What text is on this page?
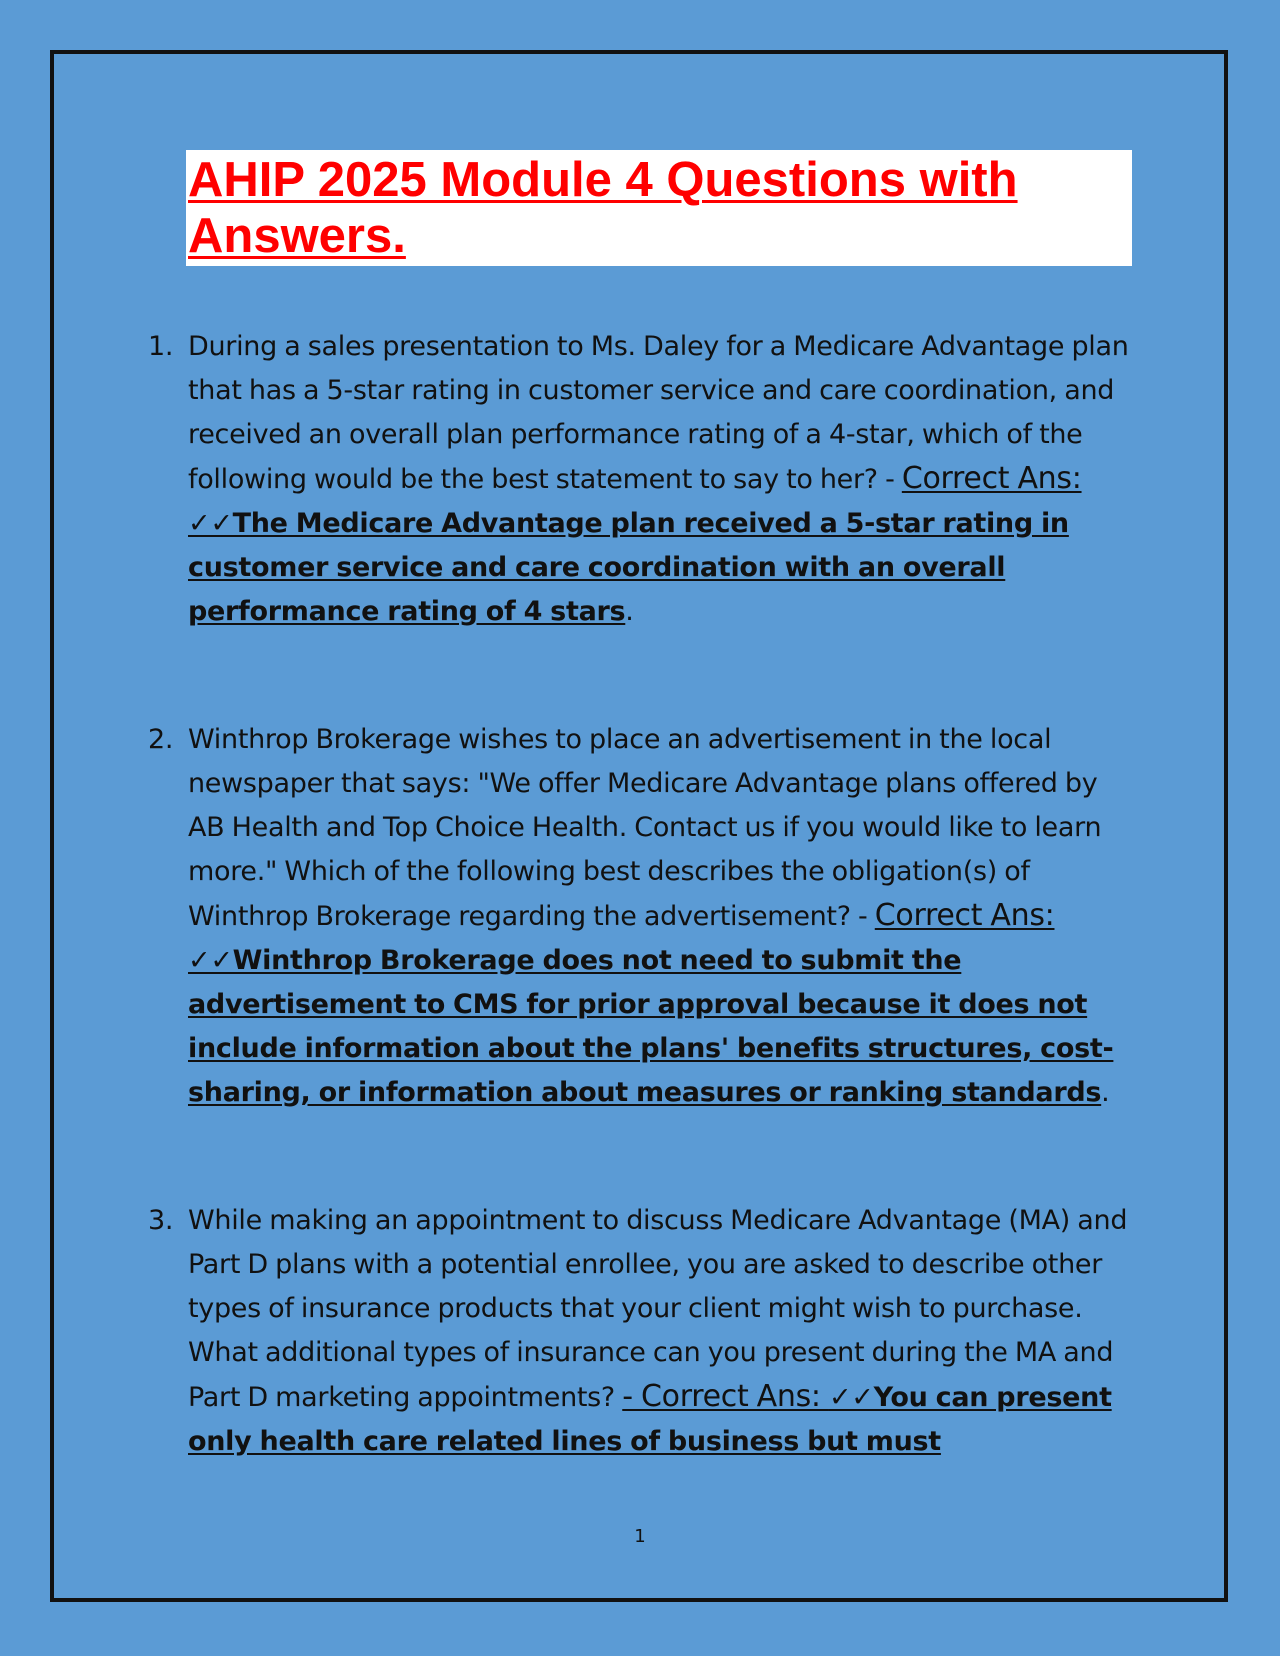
AHIP 2025 Module 4 Questions with
Answers.

1. During a sales presentation to Ms. Daley for a Medicare Advantage plan that has a 5-star rating in customer service and care coordination, and received an overall plan performance rating of a 4-star, which of the following would be the best statement to say to her? - Correct Ans: ✓✓The Medicare Advantage plan received a 5-star rating in customer service and care coordination with an overall performance rating of 4 stars.
2. Winthrop Brokerage wishes to place an advertisement in the local newspaper that says: "We offer Medicare Advantage plans offered by AB Health and Top Choice Health. Contact us if you would like to learn more." Which of the following best describes the obligation(s) of Winthrop Brokerage regarding the advertisement? - Correct Ans: ✓✓Winthrop Brokerage does not need to submit the advertisement to CMS for prior approval because it does not include information about the plans' benefits structures, cost-sharing, or information about measures or ranking standards.
3. While making an appointment to discuss Medicare Advantage (MA) and Part D plans with a potential enrollee, you are asked to describe other types of insurance products that your client might wish to purchase. What additional types of insurance can you present during the MA and Part D marketing appointments? - Correct Ans: ✓✓You can present only health care related lines of business but must
1
